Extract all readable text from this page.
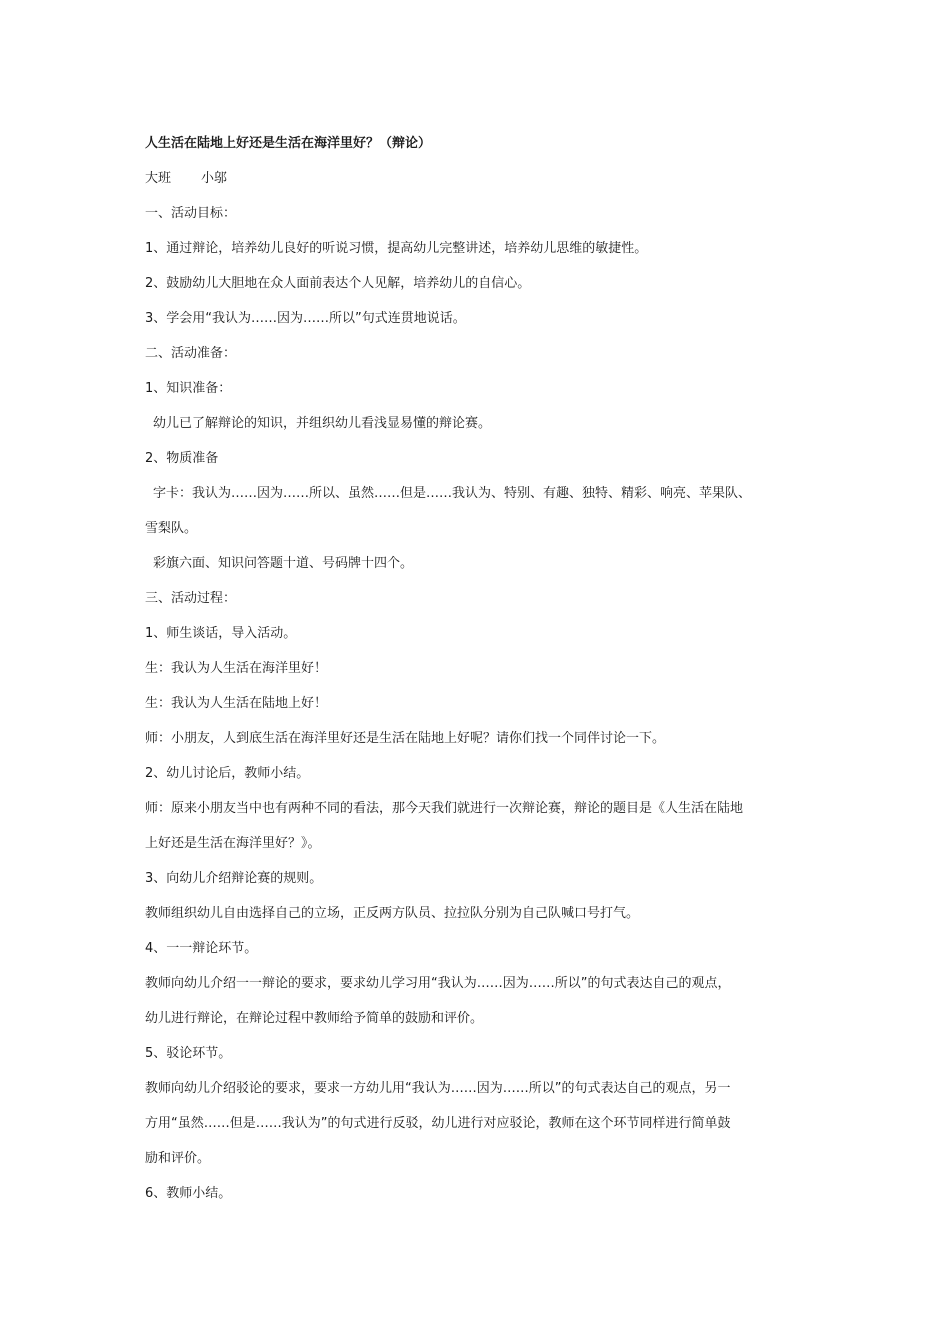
人生活在陆地上好还是生活在海洋里好？（辩论）
大班 小邬
一、活动目标：
1、通过辩论，培养幼儿良好的听说习惯，提高幼儿完整讲述，培养幼儿思维的敏捷性。
2、鼓励幼儿大胆地在众人面前表达个人见解，培养幼儿的自信心。
3、学会用“我认为……因为……所以”句式连贯地说话。
二、活动准备：
1、知识准备：
幼儿已了解辩论的知识，并组织幼儿看浅显易懂的辩论赛。
2、物质准备
字卡：我认为……因为……所以、虽然……但是……我认为、特别、有趣、独特、精彩、响亮、苹果队、
雪梨队。
彩旗六面、知识问答题十道、号码牌十四个。
三、活动过程：
1、师生谈话，导入活动。
生：我认为人生活在海洋里好！
生：我认为人生活在陆地上好！
师：小朋友，人到底生活在海洋里好还是生活在陆地上好呢？请你们找一个同伴讨论一下。
2、幼儿讨论后，教师小结。
师：原来小朋友当中也有两种不同的看法，那今天我们就进行一次辩论赛，辩论的题目是《人生活在陆地
上好还是生活在海洋里好？》。
3、向幼儿介绍辩论赛的规则。
教师组织幼儿自由选择自己的立场，正反两方队员、拉拉队分别为自己队喊口号打气。
4、一一辩论环节。
教师向幼儿介绍一一辩论的要求，要求幼儿学习用“我认为……因为……所以”的句式表达自己的观点，
幼儿进行辩论，在辩论过程中教师给予简单的鼓励和评价。
5、驳论环节。
教师向幼儿介绍驳论的要求，要求一方幼儿用“我认为……因为……所以”的句式表达自己的观点，另一
方用“虽然……但是……我认为”的句式进行反驳，幼儿进行对应驳论，教师在这个环节同样进行简单鼓
励和评价。
6、教师小结。
